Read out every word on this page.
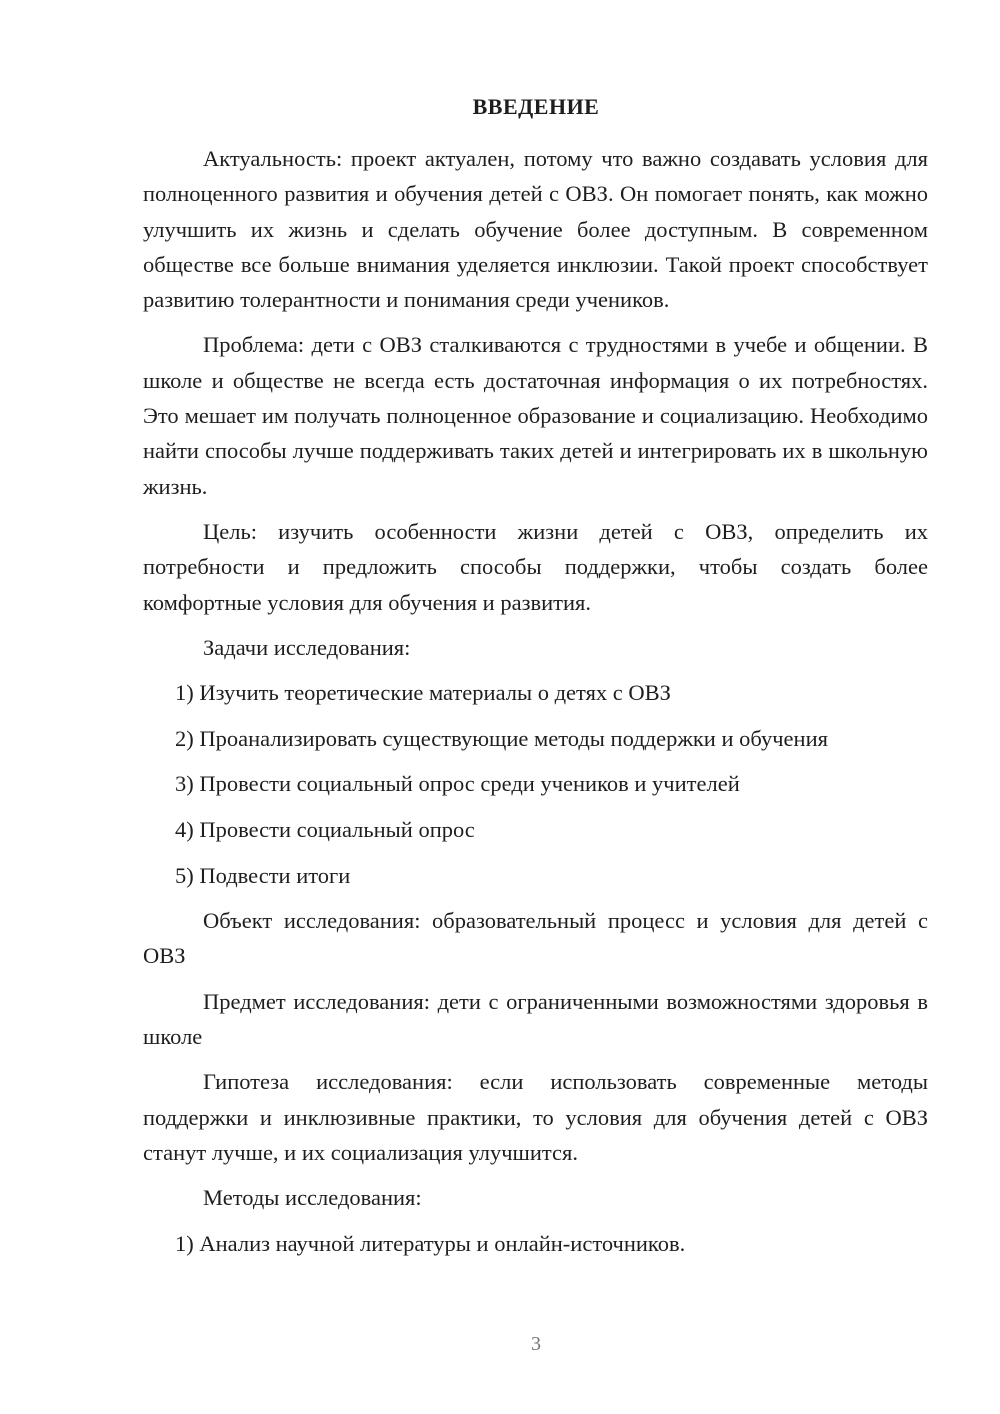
ВВЕДЕНИЕ

Актуальность: проект актуален, потому что важно создавать условия для полноценного развития и обучения детей с ОВЗ. Он помогает понять, как можно улучшить их жизнь и сделать обучение более доступным. В современном обществе все больше внимания уделяется инклюзии. Такой проект способствует развитию толерантности и понимания среди учеников.

Проблема: дети с ОВЗ сталкиваются с трудностями в учебе и общении. В школе и обществе не всегда есть достаточная информация о их потребностях. Это мешает им получать полноценное образование и социализацию. Необходимо найти способы лучше поддерживать таких детей и интегрировать их в школьную жизнь.

Цель: изучить особенности жизни детей с ОВЗ, определить их потребности и предложить способы поддержки, чтобы создать более комфортные условия для обучения и развития.

Задачи исследования:

1) Изучить теоретические материалы о детях с ОВЗ
2) Проанализировать существующие методы поддержки и обучения
3) Провести социальный опрос среди учеников и учителей
4) Провести социальный опрос
5) Подвести итоги

Объект исследования: образовательный процесс и условия для детей с ОВЗ

Предмет исследования: дети с ограниченными возможностями здоровья в школе

Гипотеза исследования: если использовать современные методы поддержки и инклюзивные практики, то условия для обучения детей с ОВЗ станут лучше, и их социализация улучшится.

Методы исследования:

1) Анализ научной литературы и онлайн-источников.
3
